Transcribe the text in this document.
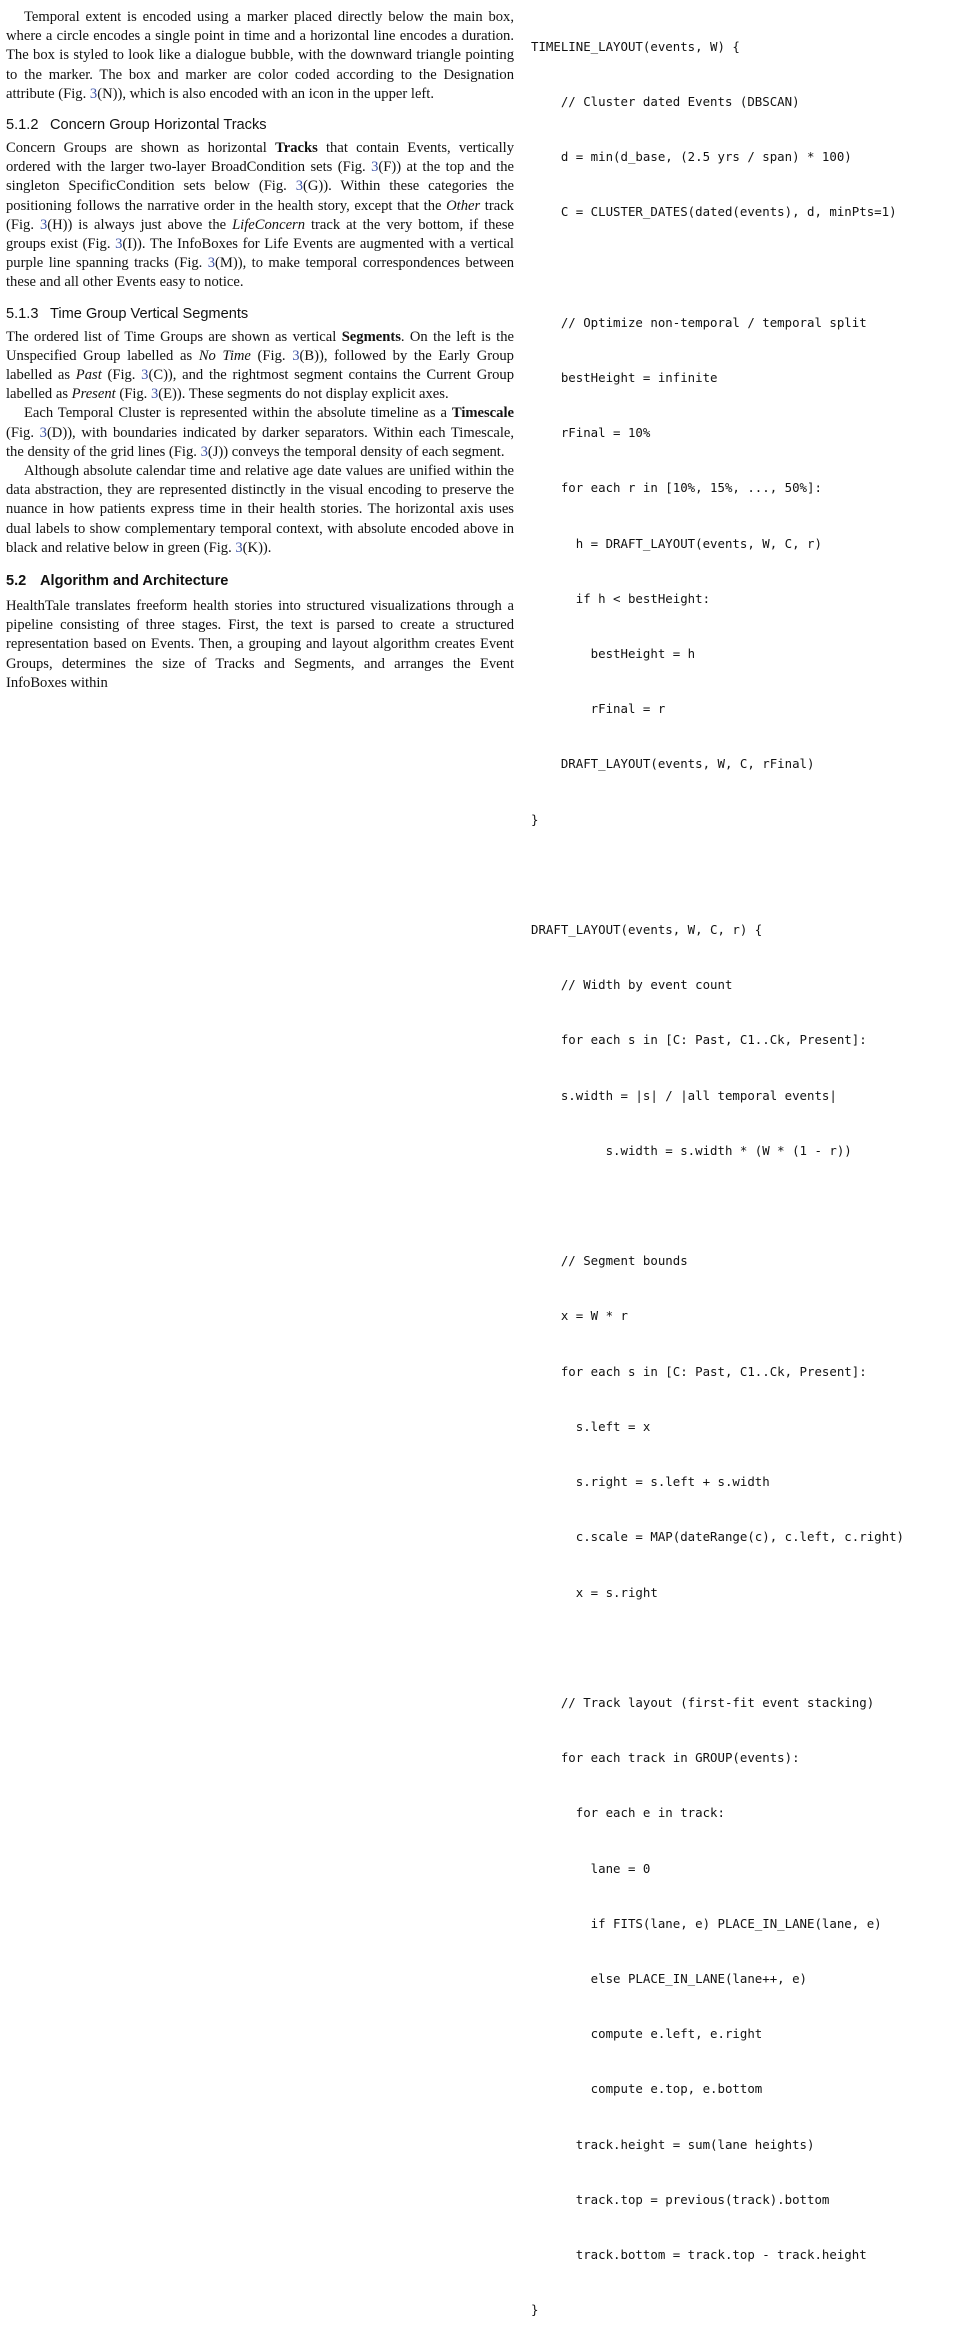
Temporal extent is encoded using a marker placed directly below the main box, where a circle encodes a single point in time and a horizontal line encodes a duration. The box is styled to look like a dialogue bubble, with the downward triangle pointing to the marker. The box and marker are color coded according to the Designation attribute (Fig. 3(N)), which is also encoded with an icon in the upper left.

5.1.2 Concern Group Horizontal Tracks

Concern Groups are shown as horizontal Tracks that contain Events, vertically ordered with the larger two-layer BroadCondition sets (Fig. 3(F)) at the top and the singleton SpecificCondition sets below (Fig. 3(G)). Within these categories the positioning follows the narrative order in the health story, except that the Other track (Fig. 3(H)) is always just above the LifeConcern track at the very bottom, if these groups exist (Fig. 3(I)). The InfoBoxes for Life Events are augmented with a vertical purple line spanning tracks (Fig. 3(M)), to make temporal correspondences between these and all other Events easy to notice.

5.1.3 Time Group Vertical Segments

The ordered list of Time Groups are shown as vertical Segments. On the left is the Unspecified Group labelled as No Time (Fig. 3(B)), followed by the Early Group labelled as Past (Fig. 3(C)), and the rightmost segment contains the Current Group labelled as Present (Fig. 3(E)). These segments do not display explicit axes.

Each Temporal Cluster is represented within the absolute timeline as a Timescale (Fig. 3(D)), with boundaries indicated by darker separators. Within each Timescale, the density of the grid lines (Fig. 3(J)) conveys the temporal density of each segment.

Although absolute calendar time and relative age date values are unified within the data abstraction, they are represented distinctly in the visual encoding to preserve the nuance in how patients express time in their health stories. The horizontal axis uses dual labels to show complementary temporal context, with absolute encoded above in black and relative below in green (Fig. 3(K)).

5.2 Algorithm and Architecture

HealthTale translates freeform health stories into structured visualizations through a pipeline consisting of three stages. First, the text is parsed to create a structured representation based on Events. Then, a grouping and layout algorithm creates Event Groups, determines the size of Tracks and Segments, and arranges the Event InfoBoxes within

TIMELINE_LAYOUT(events, W) {

// Cluster dated Events (DBSCAN)

d = min(d_base, (2.5 yrs / span) * 100)

C = CLUSTER_DATES(dated(events), d, minPts=1)

// Optimize non-temporal / temporal split

bestHeight = infinite

rFinal = 10%

for each r in [10%, 15%, ..., 50%]:

h = DRAFT_LAYOUT(events, W, C, r)

if h < bestHeight:

bestHeight = h

rFinal = r

DRAFT_LAYOUT(events, W, C, rFinal)

}

DRAFT_LAYOUT(events, W, C, r) {

// Width by event count

for each s in [C: Past, C1..Ck, Present]:

s.width = |s| / |all temporal events|

s.width = s.width * (W * (1 - r))

// Segment bounds

x = W * r

for each s in [C: Past, C1..Ck, Present]:

s.left = x

s.right = s.left + s.width

c.scale = MAP(dateRange(c), c.left, c.right)

x = s.right

// Track layout (first-fit event stacking)

for each track in GROUP(events):

for each e in track:

lane = 0

if FITS(lane, e) PLACE_IN_LANE(lane, e)

else PLACE_IN_LANE(lane++, e)

compute e.left, e.right

compute e.top, e.bottom

track.height = sum(lane heights)

track.top = previous(track).bottom

track.bottom = track.top - track.height

}
